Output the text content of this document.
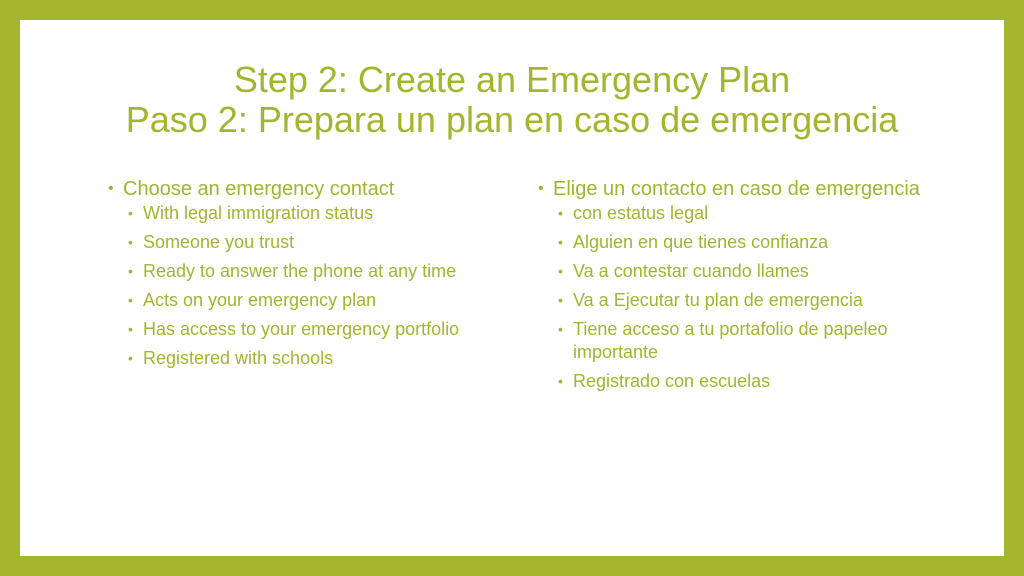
Step 2: Create an Emergency Plan
Paso 2: Prepara un plan en caso de emergencia
• Choose an emergency contact
• With legal immigration status
• Someone you trust
• Ready to answer the phone at any time
• Acts on your emergency plan
• Has access to your emergency portfolio
• Registered with schools
• Elige un contacto en caso de emergencia
• con estatus legal
• Alguien en que tienes confianza
• Va a contestar cuando llames
• Va a Ejecutar tu plan de emergencia
• Tiene acceso a tu portafolio de papeleo importante
• Registrado con escuelas
